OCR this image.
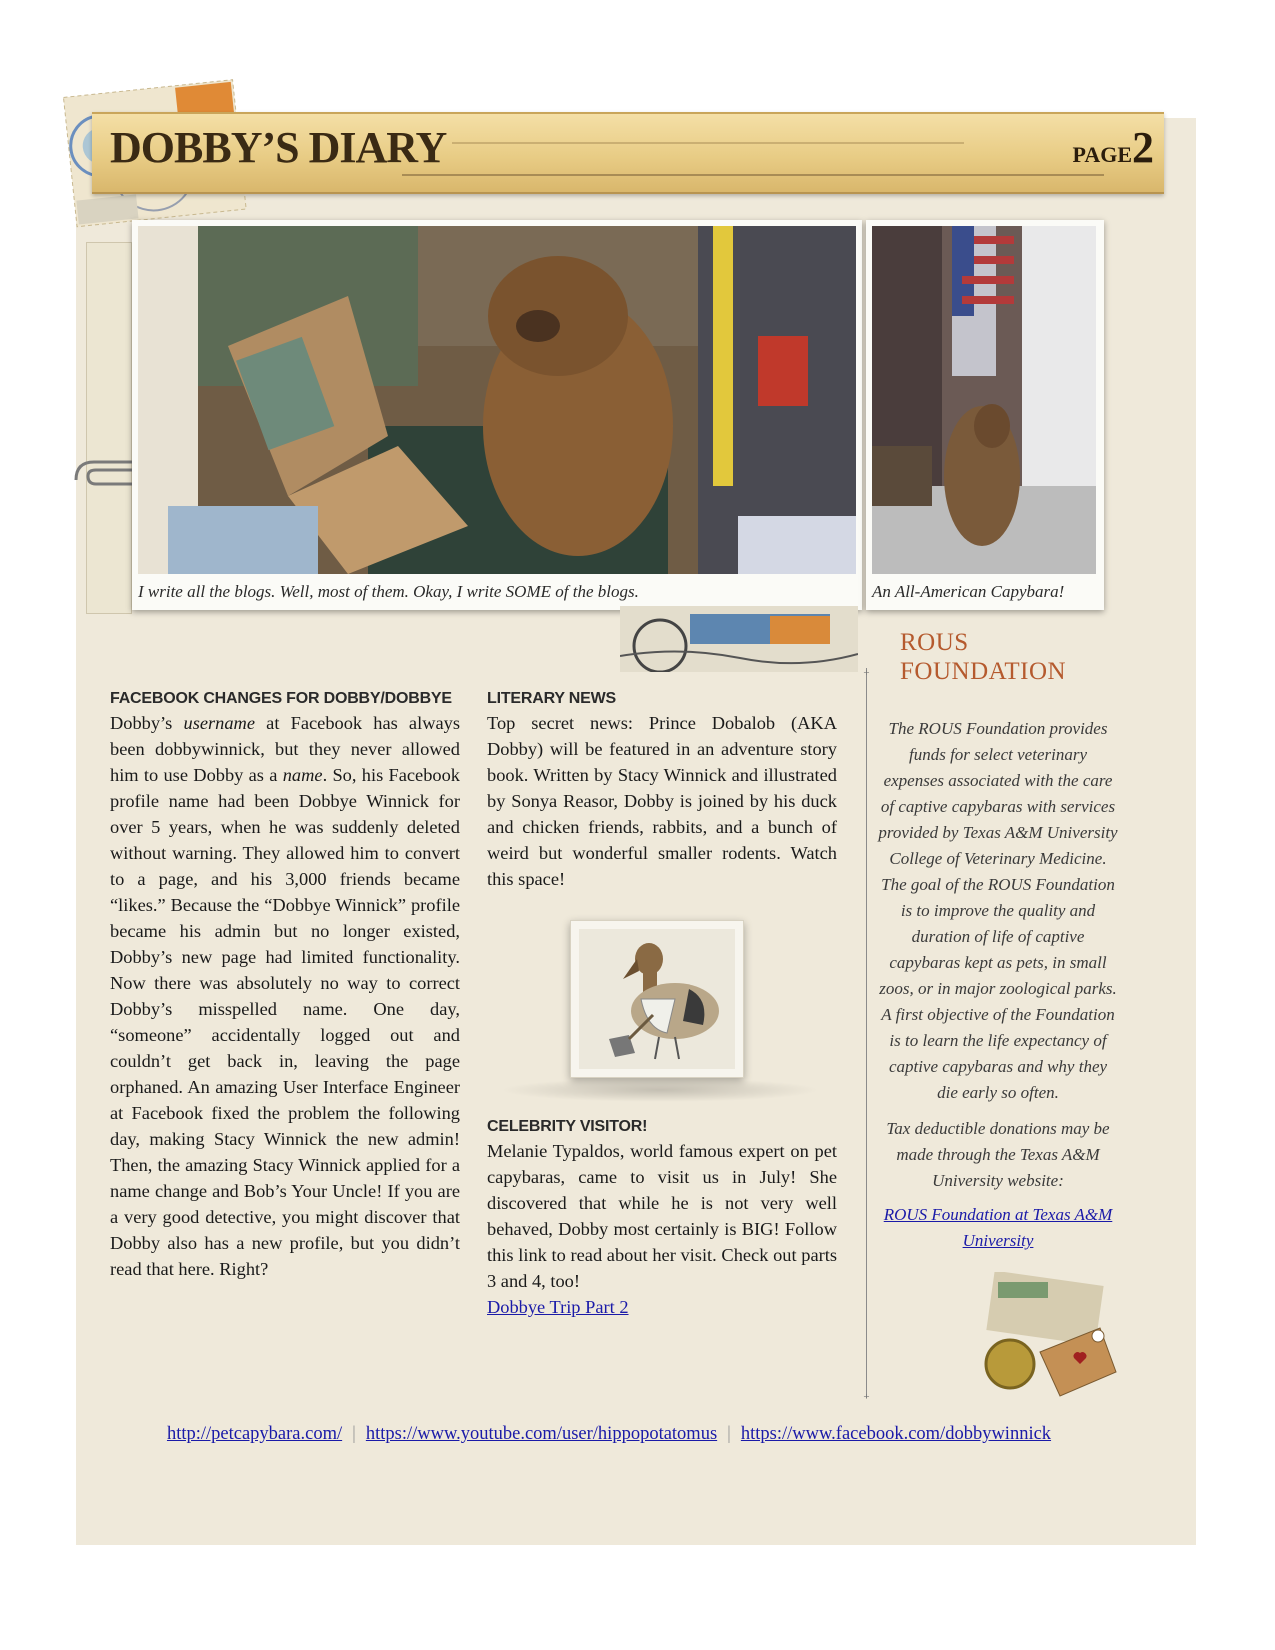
DOBBY’S DIARY	PAGE2
I write all the blogs. Well, most of them. Okay, I write SOME of the blogs.	An All-American Capybara!
FACEBOOK CHANGES FOR DOBBY/DOBBYE

Dobby’s username at Facebook has always been dobbywinnick, but they never allowed him to use Dobby as a name. So, his Facebook profile name had been Dobbye Winnick for over 5 years, when he was suddenly deleted without warning. They allowed him to convert to a page, and his 3,000 friends became “likes.” Because the “Dobbye Winnick” profile became his admin but no longer existed, Dobby’s new page had limited functionality. Now there was absolutely no way to correct Dobby’s misspelled name. One day, “someone” accidentally logged out and couldn’t get back in, leaving the page orphaned. An amazing User Interface Engineer at Facebook fixed the problem the following day, making Stacy Winnick the new admin! Then, the amazing Stacy Winnick applied for a name change and Bob’s Your Uncle! If you are a very good detective, you might discover that Dobby also has a new profile, but you didn’t read that here. Right?

LITERARY NEWS

Top secret news: Prince Dobalob (AKA Dobby) will be featured in an adventure story book. Written by Stacy Winnick and illustrated by Sonya Reasor, Dobby is joined by his duck and chicken friends, rabbits, and a bunch of weird but wonderful smaller rodents. Watch this space!

CELEBRITY VISITOR!

Melanie Typaldos, world famous expert on pet capybaras, came to visit us in July! She discovered that while he is not very well behaved, Dobby most certainly is BIG! Follow this link to read about her visit. Check out parts 3 and 4, too!

Dobbye Trip Part 2

+
+
ROUS FOUNDATION

The ROUS Foundation provides funds for select veterinary expenses associated with the care of captive capybaras with services provided by Texas A&M University College of Veterinary Medicine. The goal of the ROUS Foundation is to improve the quality and duration of life of captive capybaras kept as pets, in small zoos, or in major zoological parks. A first objective of the Foundation is to learn the life expectancy of captive capybaras and why they die early so often.

Tax deductible donations may be made through the Texas A&M University website:

ROUS Foundation at Texas A&M University

http://petcapybara.com/ | https://www.youtube.com/user/hippopotatomus | https://www.facebook.com/dobbywinnick
